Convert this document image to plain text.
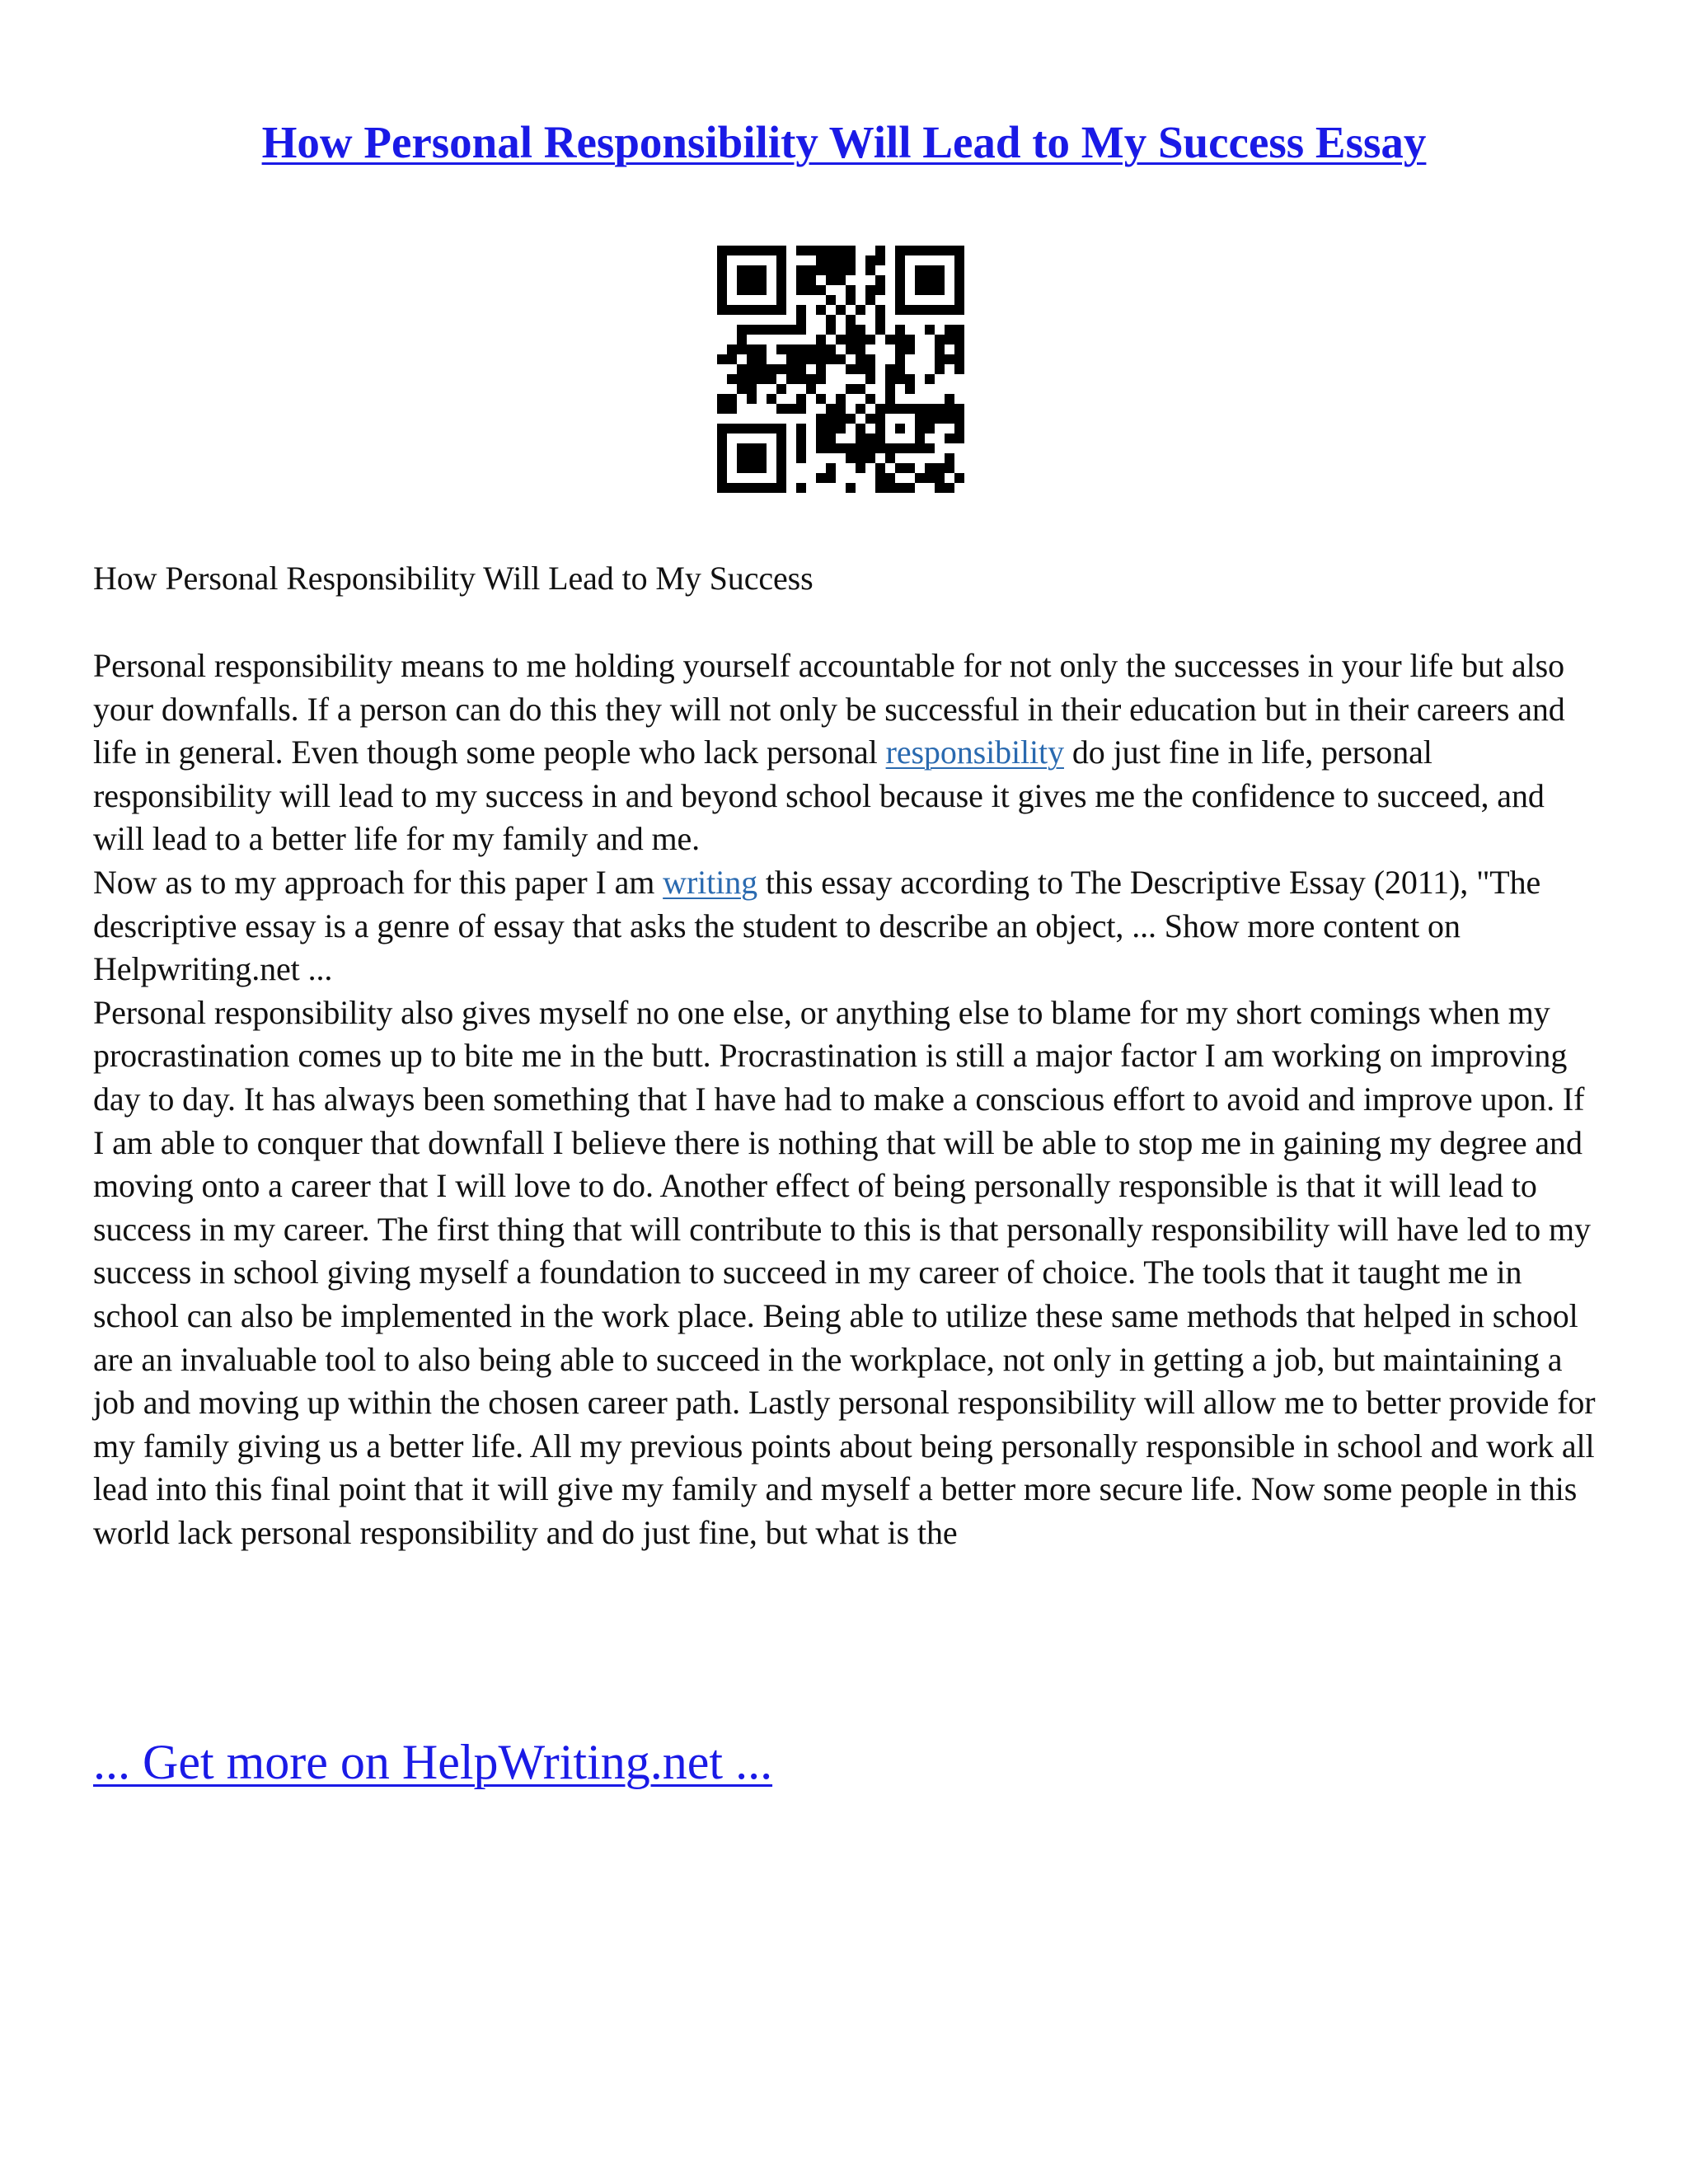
How Personal Responsibility Will Lead to My Success Essay
How Personal Responsibility Will Lead to My Success

Personal responsibility means to me holding yourself accountable for not only the successes in your life but also your downfalls. If a person can do this they will not only be successful in their education but in their careers and life in general. Even though some people who lack personal responsibility do just fine in life, personal responsibility will lead to my success in and beyond school because it gives me the confidence to succeed, and will lead to a better life for my family and me.

Now as to my approach for this paper I am writing this essay according to The Descriptive Essay (2011), "The descriptive essay is a genre of essay that asks the student to describe an object, ... Show more content on Helpwriting.net ...

Personal responsibility also gives myself no one else, or anything else to blame for my short comings when my procrastination comes up to bite me in the butt. Procrastination is still a major factor I am working on improving day to day. It has always been something that I have had to make a conscious effort to avoid and improve upon. If I am able to conquer that downfall I believe there is nothing that will be able to stop me in gaining my degree and moving onto a career that I will love to do. Another effect of being personally responsible is that it will lead to success in my career. The first thing that will contribute to this is that personally responsibility will have led to my success in school giving myself a foundation to succeed in my career of choice. The tools that it taught me in school can also be implemented in the work place. Being able to utilize these same methods that helped in school are an invaluable tool to also being able to succeed in the workplace, not only in getting a job, but maintaining a job and moving up within the chosen career path. Lastly personal responsibility will allow me to better provide for my family giving us a better life. All my previous points about being personally responsible in school and work all lead into this final point that it will give my family and myself a better more secure life. Now some people in this world lack personal responsibility and do just fine, but what is the

... Get more on HelpWriting.net ...
